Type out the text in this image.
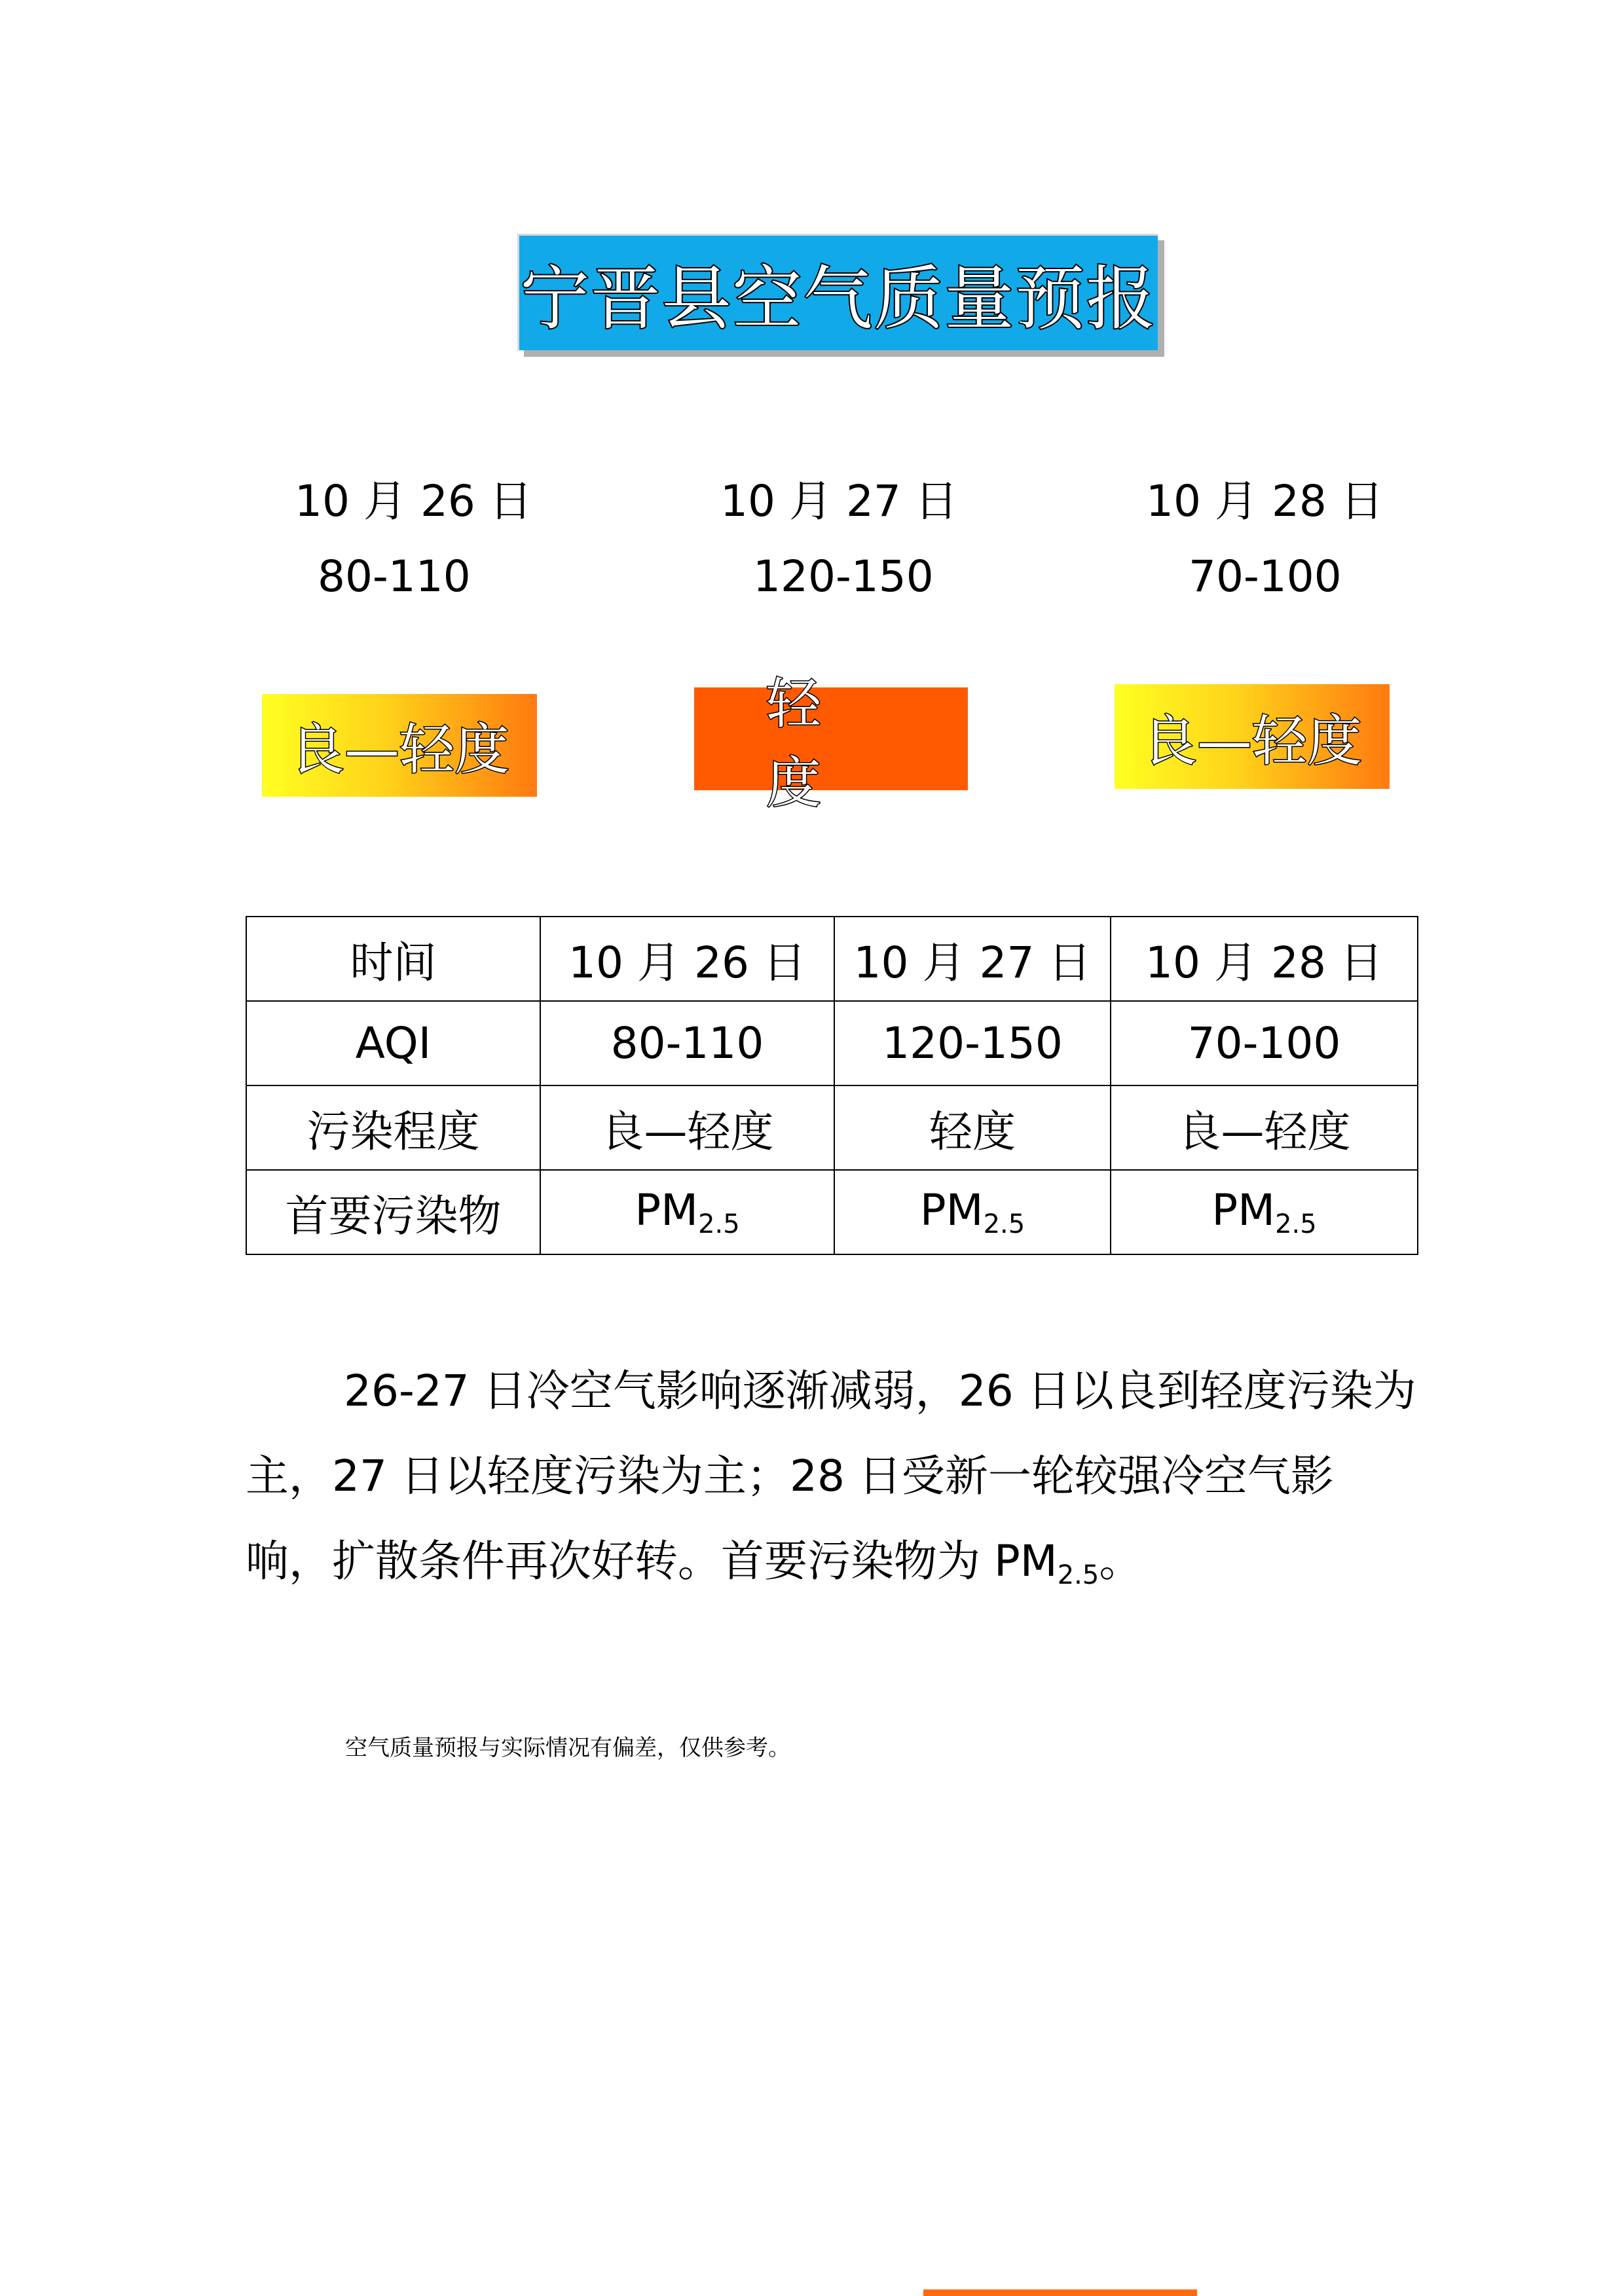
宁晋县空气质量预报
10 月 26 日
80-110
10 月 27 日
120-150
10 月 28 日
70-100
良—轻度
轻度
良—轻度
时间	10 月 26 日	10 月 27 日	10 月 28 日
AQI	80-110	120-150	70-100
污染程度	良—轻度	轻度	良—轻度
首要污染物	$PM_{2.5}$	$PM_{2.5}$	$PM_{2.5}$
26-27 日冷空气影响逐渐减弱，26 日以良到轻度污染为主，27 日以轻度污染为主；28 日受新一轮较强冷空气影响，扩散条件再次好转。首要污染物为 $PM_{2.5}$。
空气质量预报与实际情况有偏差，仅供参考。
